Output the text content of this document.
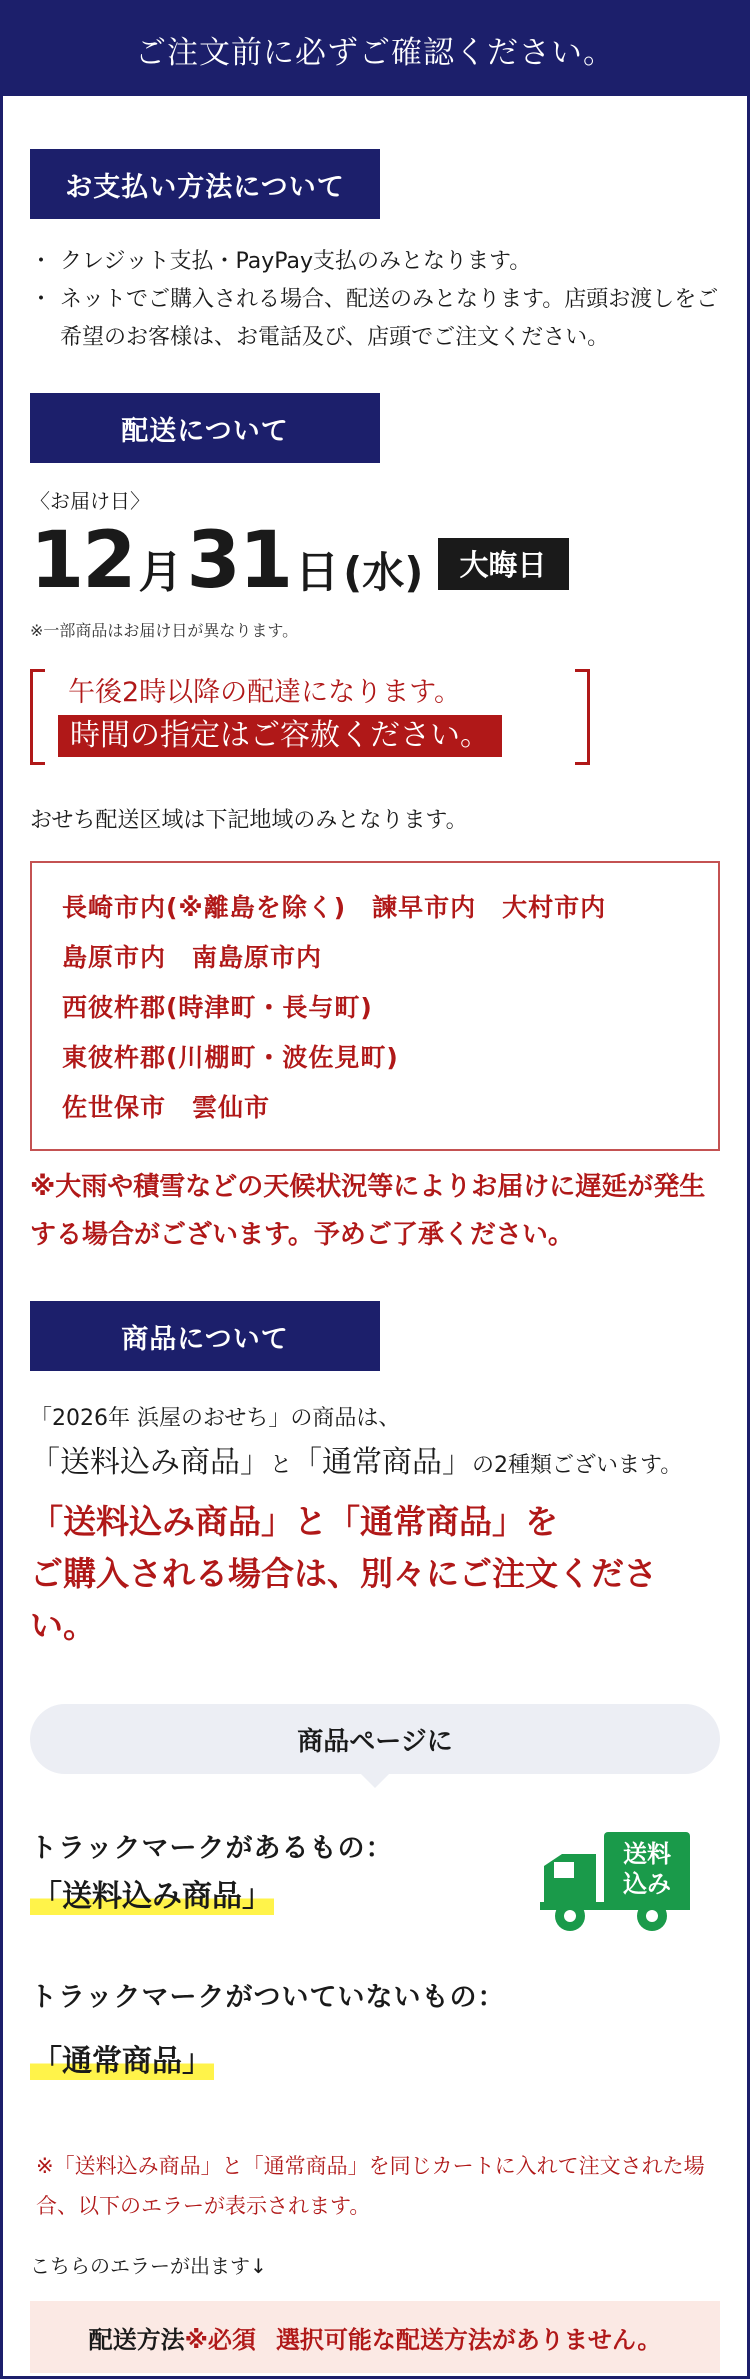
ご注文前に必ずご確認ください。
お支払い方法について
・ クレジット支払・PayPay支払のみとなります。
・ ネットでご購入される場合、配送のみとなります。店頭お渡しをご希望のお客様は、お電話及び、店頭でご注文ください。
配送について
〈お届け日〉
12 月 31 日 (水)	大晦日
※一部商品はお届け日が異なります。
午後2時以降の配達になります。
時間の指定はご容赦ください。
おせち配送区域は下記地域のみとなります。
長崎市内(※離島を除く)　諫早市内　大村市内
島原市内　南島原市内
西彼杵郡(時津町・長与町)
東彼杵郡(川棚町・波佐見町)
佐世保市　雲仙市
※大雨や積雪などの天候状況等によりお届けに遅延が発生する場合がございます。予めご了承ください。
商品について
「2026年 浜屋のおせち」の商品は、
「送料込み商品」と「通常商品」の2種類ございます。
「送料込み商品」と「通常商品」を
ご購入される場合は、別々にご注文ください。
商品ページに
送料
込み
トラックマークがあるもの：
「送料込み商品」
トラックマークがついていないもの：
「通常商品」
※「送料込み商品」と「通常商品」を同じカートに入れて注文された場合、以下のエラーが表示されます。
こちらのエラーが出ます↓
配送方法 ※必須 選択可能な配送方法がありません。
